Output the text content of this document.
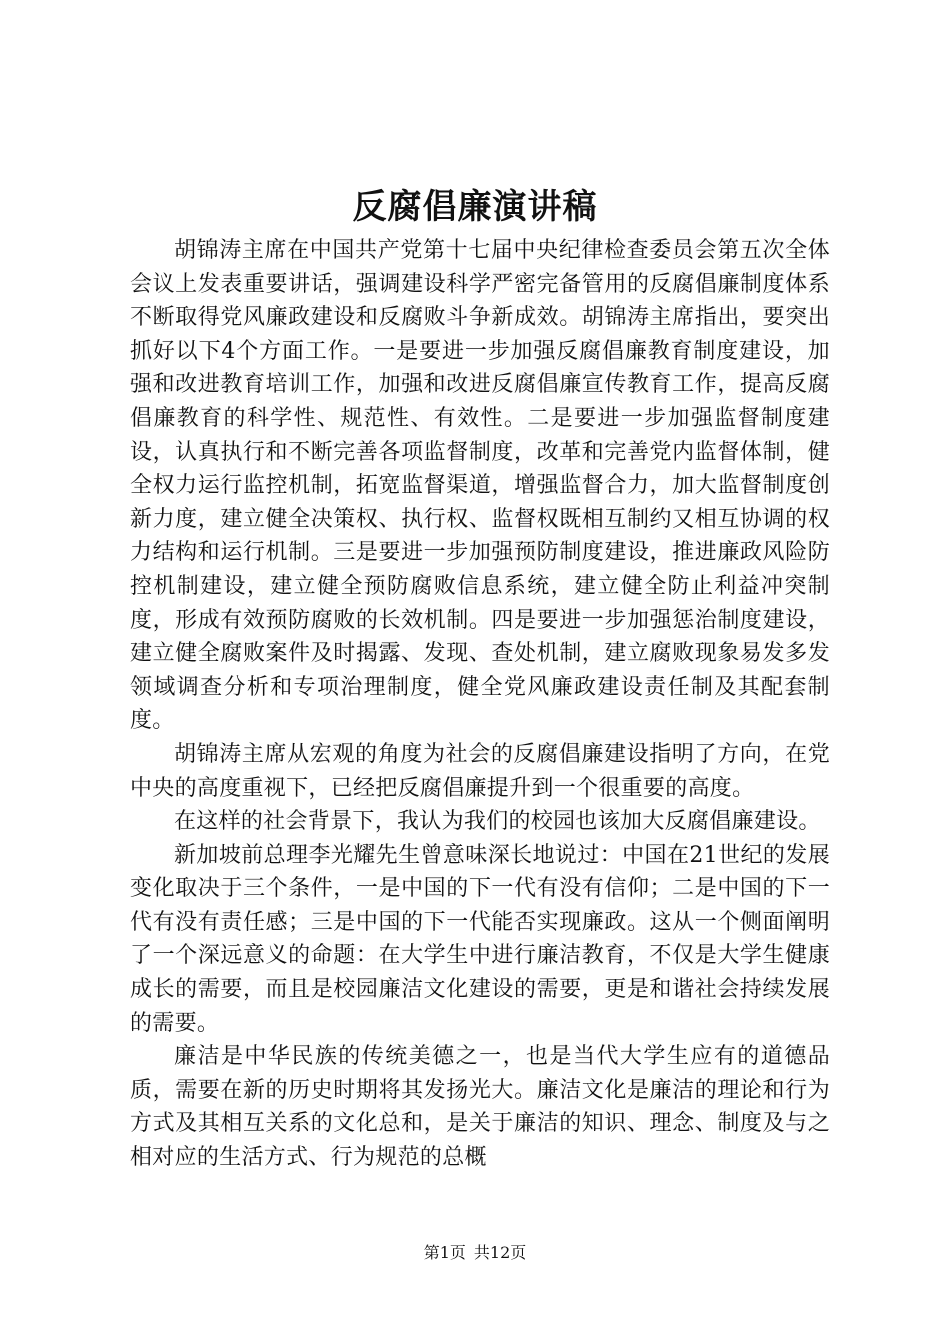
反腐倡廉演讲稿

胡锦涛主席在中国共产党第十七届中央纪律检查委员会第五次全体会议上发表重要讲话，强调建设科学严密完备管用的反腐倡廉制度体系不断取得党风廉政建设和反腐败斗争新成效。胡锦涛主席指出，要突出抓好以下4个方面工作。一是要进一步加强反腐倡廉教育制度建设，加强和改进教育培训工作，加强和改进反腐倡廉宣传教育工作，提高反腐倡廉教育的科学性、规范性、有效性。二是要进一步加强监督制度建设，认真执行和不断完善各项监督制度，改革和完善党内监督体制，健全权力运行监控机制，拓宽监督渠道，增强监督合力，加大监督制度创新力度，建立健全决策权、执行权、监督权既相互制约又相互协调的权力结构和运行机制。三是要进一步加强预防制度建设，推进廉政风险防控机制建设，建立健全预防腐败信息系统，建立健全防止利益冲突制度，形成有效预防腐败的长效机制。四是要进一步加强惩治制度建设，建立健全腐败案件及时揭露、发现、查处机制，建立腐败现象易发多发领域调查分析和专项治理制度，健全党风廉政建设责任制及其配套制度。

胡锦涛主席从宏观的角度为社会的反腐倡廉建设指明了方向，在党中央的高度重视下，已经把反腐倡廉提升到一个很重要的高度。

在这样的社会背景下，我认为我们的校园也该加大反腐倡廉建设。

新加坡前总理李光耀先生曾意味深长地说过：中国在21世纪的发展变化取决于三个条件，一是中国的下一代有没有信仰；二是中国的下一代有没有责任感；三是中国的下一代能否实现廉政。这从一个侧面阐明了一个深远意义的命题：在大学生中进行廉洁教育，不仅是大学生健康成长的需要，而且是校园廉洁文化建设的需要，更是和谐社会持续发展的需要。

廉洁是中华民族的传统美德之一，也是当代大学生应有的道德品质，需要在新的历史时期将其发扬光大。廉洁文化是廉洁的理论和行为方式及其相互关系的文化总和，是关于廉洁的知识、理念、制度及与之相对应的生活方式、行为规范的总概

第1页 共12页
